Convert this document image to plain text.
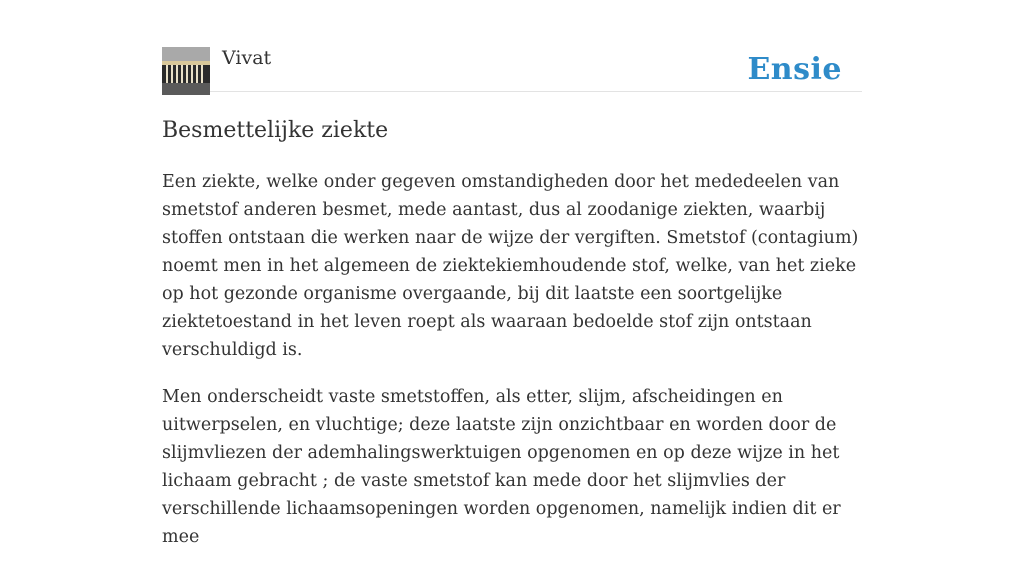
Vivat	Ensie
Besmettelijke ziekte

Een ziekte, welke onder gegeven omstandigheden door het mededeelen van smetstof anderen besmet, mede aantast, dus al zoodanige ziekten, waarbij stoffen ontstaan die werken naar de wijze der vergiften. Smetstof (contagium) noemt men in het algemeen de ziektekiemhoudende stof, welke, van het zieke op hot gezonde organisme overgaande, bij dit laatste een soortgelijke ziektetoestand in het leven roept als waaraan bedoelde stof zijn ontstaan verschuldigd is.

Men onderscheidt vaste smetstoffen, als etter, slijm, afscheidingen en uitwerpselen, en vluchtige; deze laatste zijn onzichtbaar en worden door de slijmvliezen der ademhalingswerktuigen opgenomen en op deze wijze in het lichaam gebracht ; de vaste smetstof kan mede door het slijmvlies der verschillende lichaamsopeningen worden opgenomen, namelijk indien dit er mee
